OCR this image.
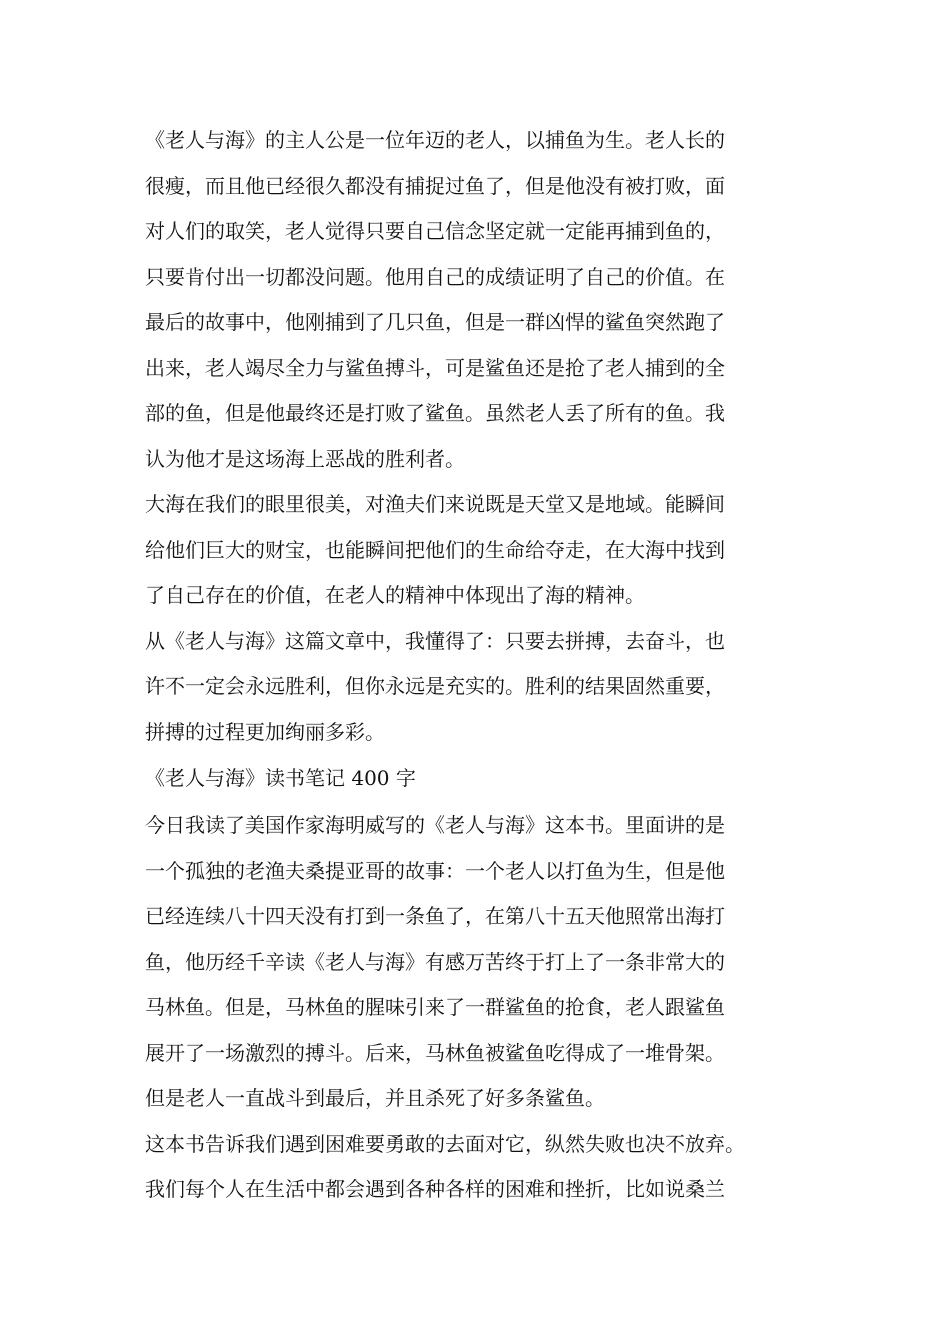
《老人与海》的主人公是一位年迈的老人，以捕鱼为生。老人长的
很瘦，而且他已经很久都没有捕捉过鱼了，但是他没有被打败，面
对人们的取笑，老人觉得只要自己信念坚定就一定能再捕到鱼的，
只要肯付出一切都没问题。他用自己的成绩证明了自己的价值。在
最后的故事中，他刚捕到了几只鱼，但是一群凶悍的鲨鱼突然跑了
出来，老人竭尽全力与鲨鱼搏斗，可是鲨鱼还是抢了老人捕到的全
部的鱼，但是他最终还是打败了鲨鱼。虽然老人丢了所有的鱼。我
认为他才是这场海上恶战的胜利者。
大海在我们的眼里很美，对渔夫们来说既是天堂又是地域。能瞬间
给他们巨大的财宝，也能瞬间把他们的生命给夺走，在大海中找到
了自己存在的价值，在老人的精神中体现出了海的精神。
从《老人与海》这篇文章中，我懂得了：只要去拼搏，去奋斗，也
许不一定会永远胜利，但你永远是充实的。胜利的结果固然重要，
拼搏的过程更加绚丽多彩。
《老人与海》读书笔记 400 字
今日我读了美国作家海明威写的《老人与海》这本书。里面讲的是
一个孤独的老渔夫桑提亚哥的故事：一个老人以打鱼为生，但是他
已经连续八十四天没有打到一条鱼了，在第八十五天他照常出海打
鱼，他历经千辛读《老人与海》有感万苦终于打上了一条非常大的
马林鱼。但是，马林鱼的腥味引来了一群鲨鱼的抢食，老人跟鲨鱼
展开了一场激烈的搏斗。后来，马林鱼被鲨鱼吃得成了一堆骨架。
但是老人一直战斗到最后，并且杀死了好多条鲨鱼。
这本书告诉我们遇到困难要勇敢的去面对它，纵然失败也决不放弃。
我们每个人在生活中都会遇到各种各样的困难和挫折，比如说桑兰
